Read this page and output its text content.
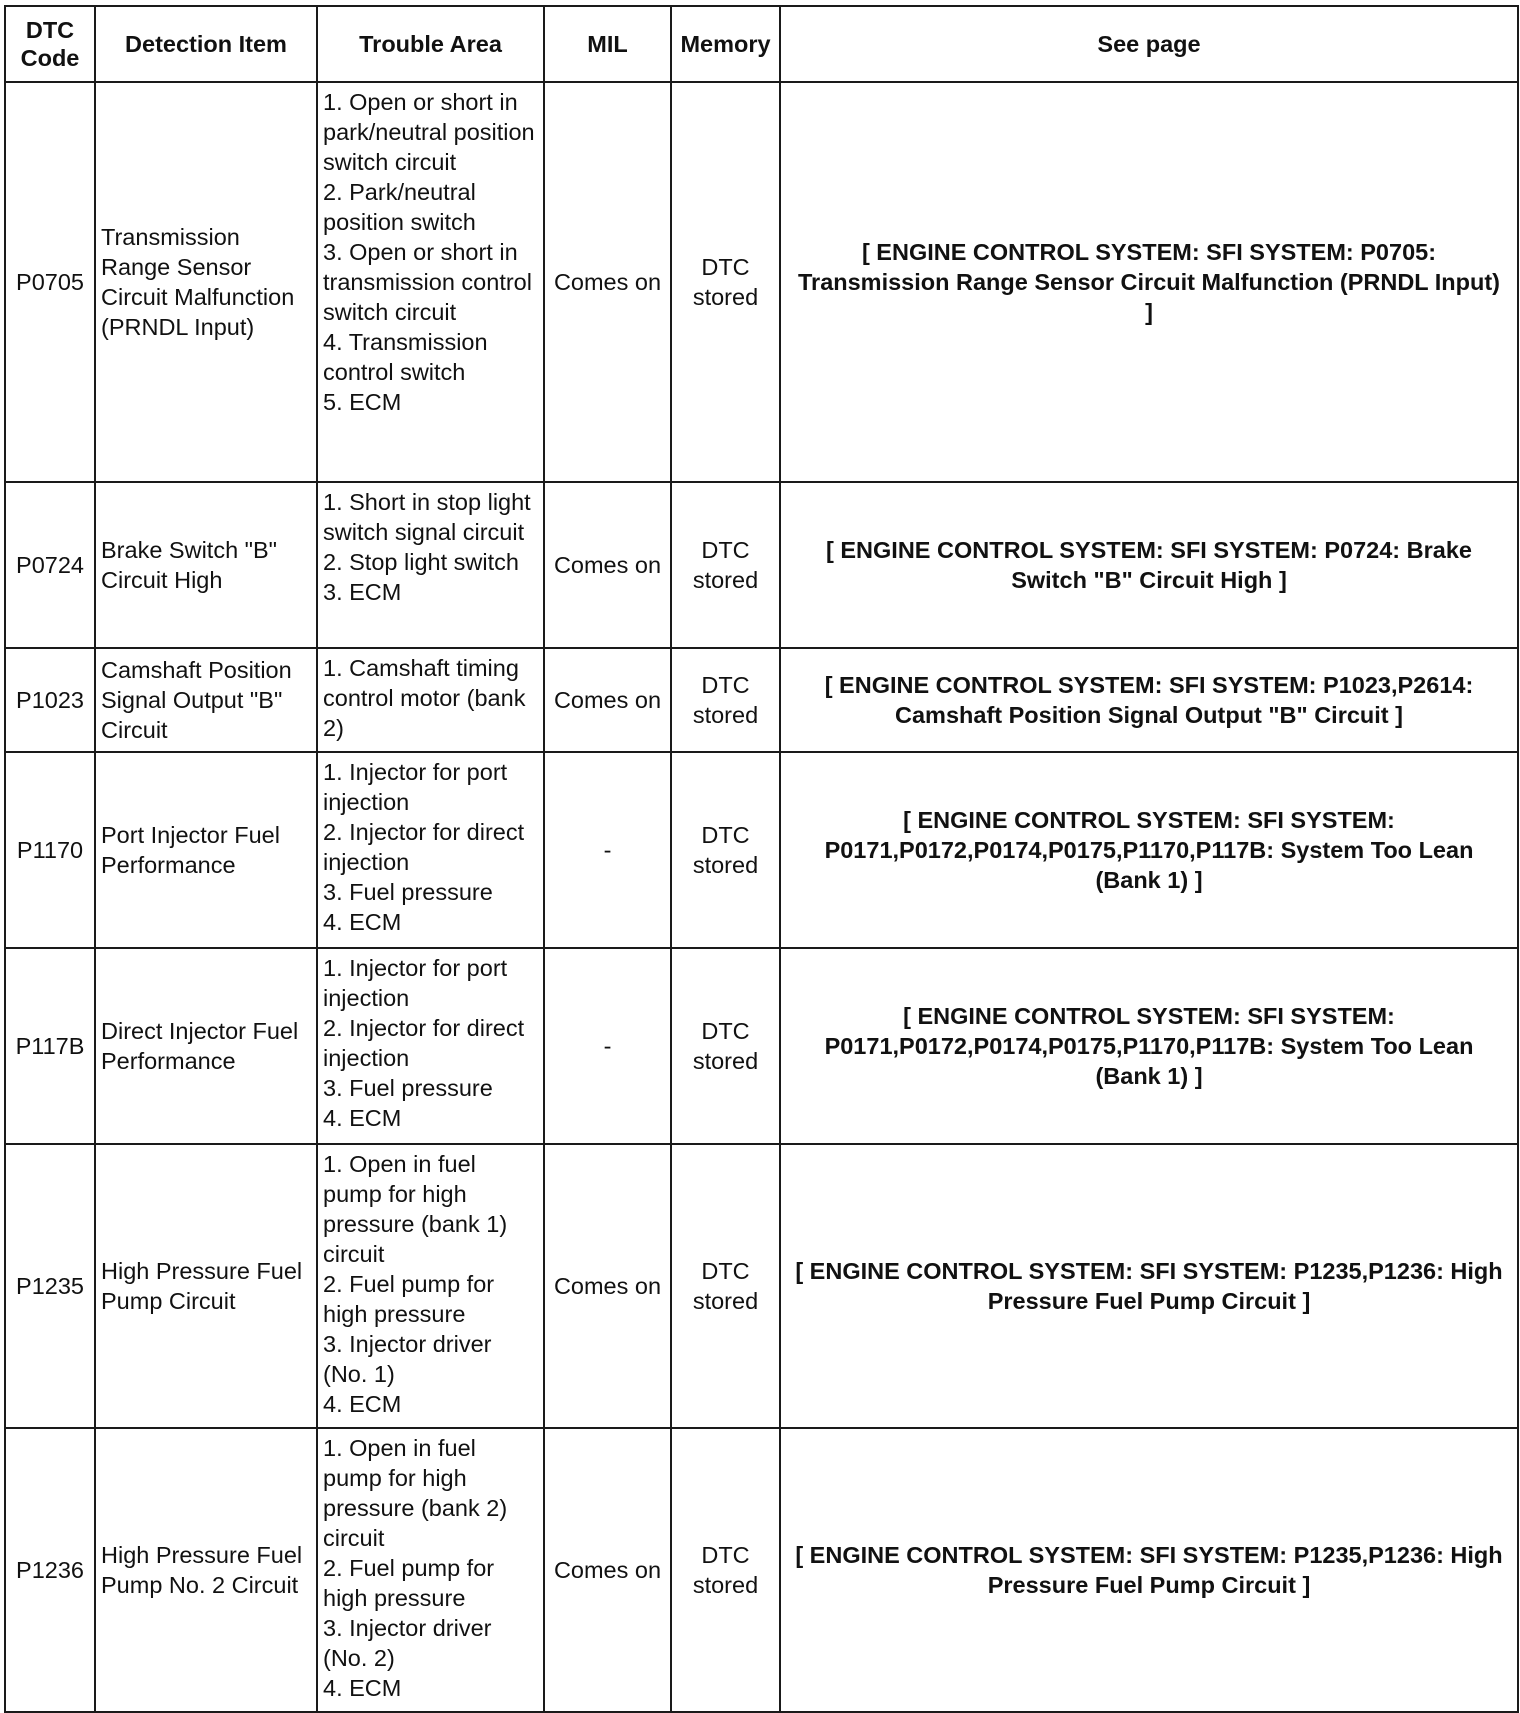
DTC Code	Detection Item	Trouble Area	MIL	Memory	See page
P0705	Transmission Range Sensor Circuit Malfunction (PRNDL Input)	1. Open or short in park/neutral position switch circuit
2. Park/neutral position switch
3. Open or short in transmission control switch circuit
4. Transmission control switch
5. ECM	Comes on	DTC stored	[ ENGINE CONTROL SYSTEM: SFI SYSTEM: P0705: Transmission Range Sensor Circuit Malfunction (PRNDL Input) ]
P0724	Brake Switch "B" Circuit High	1. Short in stop light switch signal circuit
2. Stop light switch
3. ECM	Comes on	DTC stored	[ ENGINE CONTROL SYSTEM: SFI SYSTEM: P0724: Brake Switch "B" Circuit High ]
P1023	Camshaft Position Signal Output "B" Circuit	1. Camshaft timing control motor (bank 2)	Comes on	DTC stored	[ ENGINE CONTROL SYSTEM: SFI SYSTEM: P1023,P2614: Camshaft Position Signal Output "B" Circuit ]
P1170	Port Injector Fuel Performance	1. Injector for port injection
2. Injector for direct injection
3. Fuel pressure
4. ECM	-	DTC stored	[ ENGINE CONTROL SYSTEM: SFI SYSTEM: P0171,P0172,P0174,P0175,P1170,P117B: System Too Lean (Bank 1) ]
P117B	Direct Injector Fuel Performance	1. Injector for port injection
2. Injector for direct injection
3. Fuel pressure
4. ECM	-	DTC stored	[ ENGINE CONTROL SYSTEM: SFI SYSTEM: P0171,P0172,P0174,P0175,P1170,P117B: System Too Lean (Bank 1) ]
P1235	High Pressure Fuel Pump Circuit	1. Open in fuel pump for high pressure (bank 1) circuit
2. Fuel pump for high pressure
3. Injector driver (No. 1)
4. ECM	Comes on	DTC stored	[ ENGINE CONTROL SYSTEM: SFI SYSTEM: P1235,P1236: High Pressure Fuel Pump Circuit ]
P1236	High Pressure Fuel Pump No. 2 Circuit	1. Open in fuel pump for high pressure (bank 2) circuit
2. Fuel pump for high pressure
3. Injector driver (No. 2)
4. ECM	Comes on	DTC stored	[ ENGINE CONTROL SYSTEM: SFI SYSTEM: P1235,P1236: High Pressure Fuel Pump Circuit ]
